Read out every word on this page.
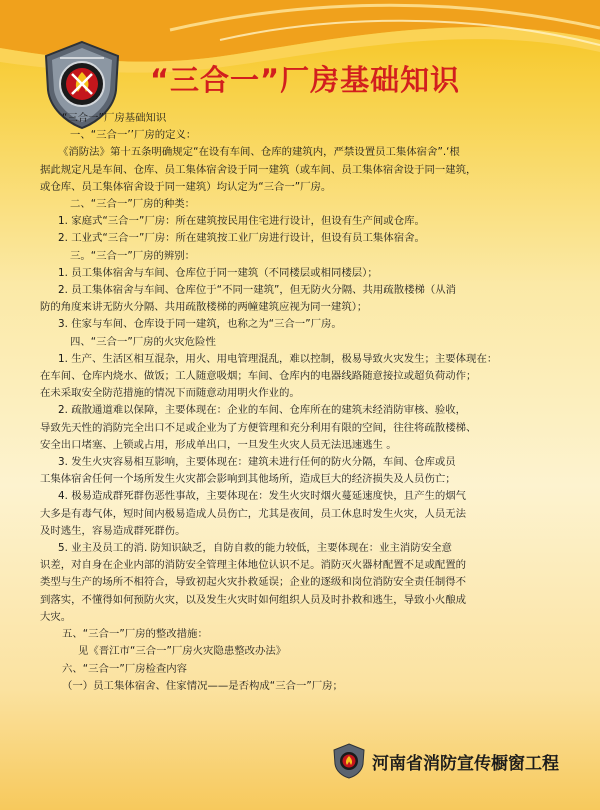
“三合一”厂房基础知识

“三合一”厂房基础知识

一、“三合一’’厂房的定义：

《消防法》第十五条明确规定“在设有车间、仓库的建筑内，严禁设置员工集体宿舍”.‘根

据此规定凡是车间、仓库、员工集体宿舍设于同一建筑（或车间、员工集体宿舍设于同一建筑，

或仓库、员工集体宿舍设于同一建筑）均认定为“三合一”厂房。

二、“三合一”厂房的种类：

1. 家庭式“三合一”厂房：所在建筑按民用住宅进行设计，但设有生产间或仓库。

2. 工业式“三合一”厂房：所在建筑按工业厂房进行设计，但设有员工集体宿舍。

三。“三合一”厂房的辨别：

1. 员工集体宿舍与车间、仓库位于同一建筑（不同楼层或相同楼层）；

2. 员工集体宿舍与车间、仓库位于“不同一建筑”，但无防火分隔、共用疏散楼梯（从消

防的角度来讲无防火分隔、共用疏散楼梯的两幢建筑应视为同一建筑）；

3. 住家与车间、仓库设于同一建筑，也称之为“三合一”厂房。

四、“三合一”厂房的火灾危险性

1. 生产、生活区相互混杂，用火、用电管理混乱，难以控制，极易导致火灾发生；主要体现在：

在车间、仓库内烧水、做饭；工人随意吸烟；车间、仓库内的电器线路随意接拉或超负荷动作；

在未采取安全防范措施的情况下而随意动用明火作业的。

2. 疏散通道难以保障，主要体现在：企业的车间、仓库所在的建筑未经消防审核、验收，

导致先天性的消防完全出口不足或企业为了方便管理和充分利用有限的空间，往往将疏散楼梯、

安全出口堵塞、上锁或占用，形成单出口，一旦发生火灾人员无法迅速逃生 。

3. 发生火灾容易相互影响，主要体现在：建筑未进行任何的防火分隔，车间、仓库或员

工集体宿舍任何一个场所发生火灾都会影响到其他场所，造成巨大的经济损失及人员伤亡；

4. 极易造成群死群伤恶性事故，主要体现在：发生火灾时烟火蔓延速度快，且产生的烟气

大多是有毒气体，短时间内极易造成人员伤亡，尤其是夜间，员工休息时发生火灾，人员无法

及时逃生，容易造成群死群伤。

5. 业主及员工的消. 防知识缺乏，自防自救的能力较低，主要体现在：业主消防安全意

识差，对自身在企业内部的消防安全管理主体地位认识不足。消防灭火器材配置不足或配置的

类型与生产的场所不相符合，导致初起火灾扑救延误；企业的逐级和岗位消防安全责任制得不

到落实，不懂得如何预防火灾，以及发生火灾时如何组织人员及时扑救和逃生，导致小火酿成

大灾。

五、“三合一”厂房的整改措施：

见《晋江市“三合一”厂房火灾隐患整改办法》

六、“三合一”厂房检查内容

（一）员工集体宿舍、住家情况——是否构成“三合一”厂房；

河南省消防宣传橱窗工程
